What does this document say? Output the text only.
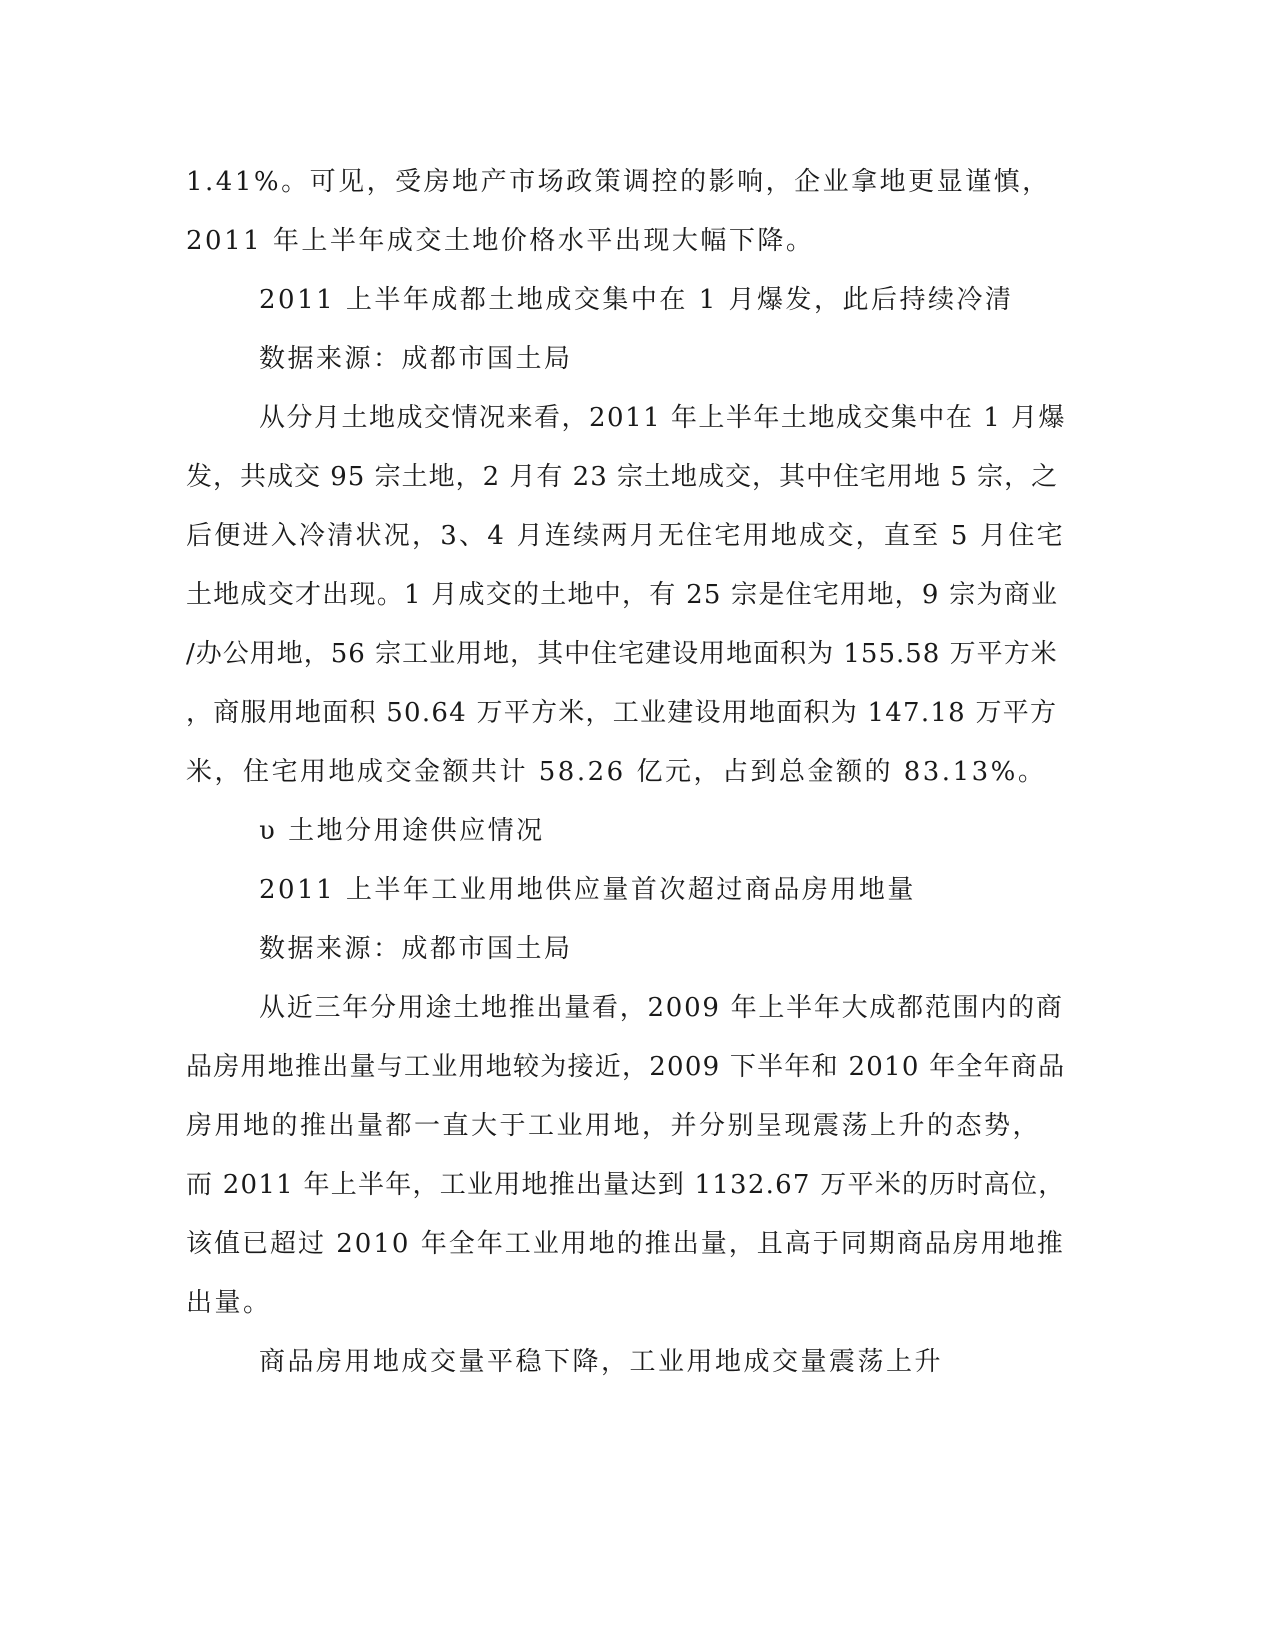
1.41%。可见，受房地产市场政策调控的影响，企业拿地更显谨慎，
2011 年上半年成交土地价格水平出现大幅下降。
2011 上半年成都土地成交集中在 1 月爆发，此后持续冷清
数据来源：成都市国土局
从分月土地成交情况来看，2011 年上半年土地成交集中在 1 月爆
发，共成交 95 宗土地，2 月有 23 宗土地成交，其中住宅用地 5 宗，之
后便进入冷清状况，3、4 月连续两月无住宅用地成交，直至 5 月住宅
土地成交才出现。1 月成交的土地中，有 25 宗是住宅用地，9 宗为商业
/办公用地，56 宗工业用地，其中住宅建设用地面积为 155.58 万平方米
，商服用地面积 50.64 万平方米，工业建设用地面积为 147.18 万平方
米，住宅用地成交金额共计 58.26 亿元，占到总金额的 83.13%。
υ 土地分用途供应情况
2011 上半年工业用地供应量首次超过商品房用地量
数据来源：成都市国土局
从近三年分用途土地推出量看，2009 年上半年大成都范围内的商
品房用地推出量与工业用地较为接近，2009 下半年和 2010 年全年商品
房用地的推出量都一直大于工业用地，并分别呈现震荡上升的态势，
而 2011 年上半年，工业用地推出量达到 1132.67 万平米的历时高位，
该值已超过 2010 年全年工业用地的推出量，且高于同期商品房用地推
出量。
商品房用地成交量平稳下降，工业用地成交量震荡上升
